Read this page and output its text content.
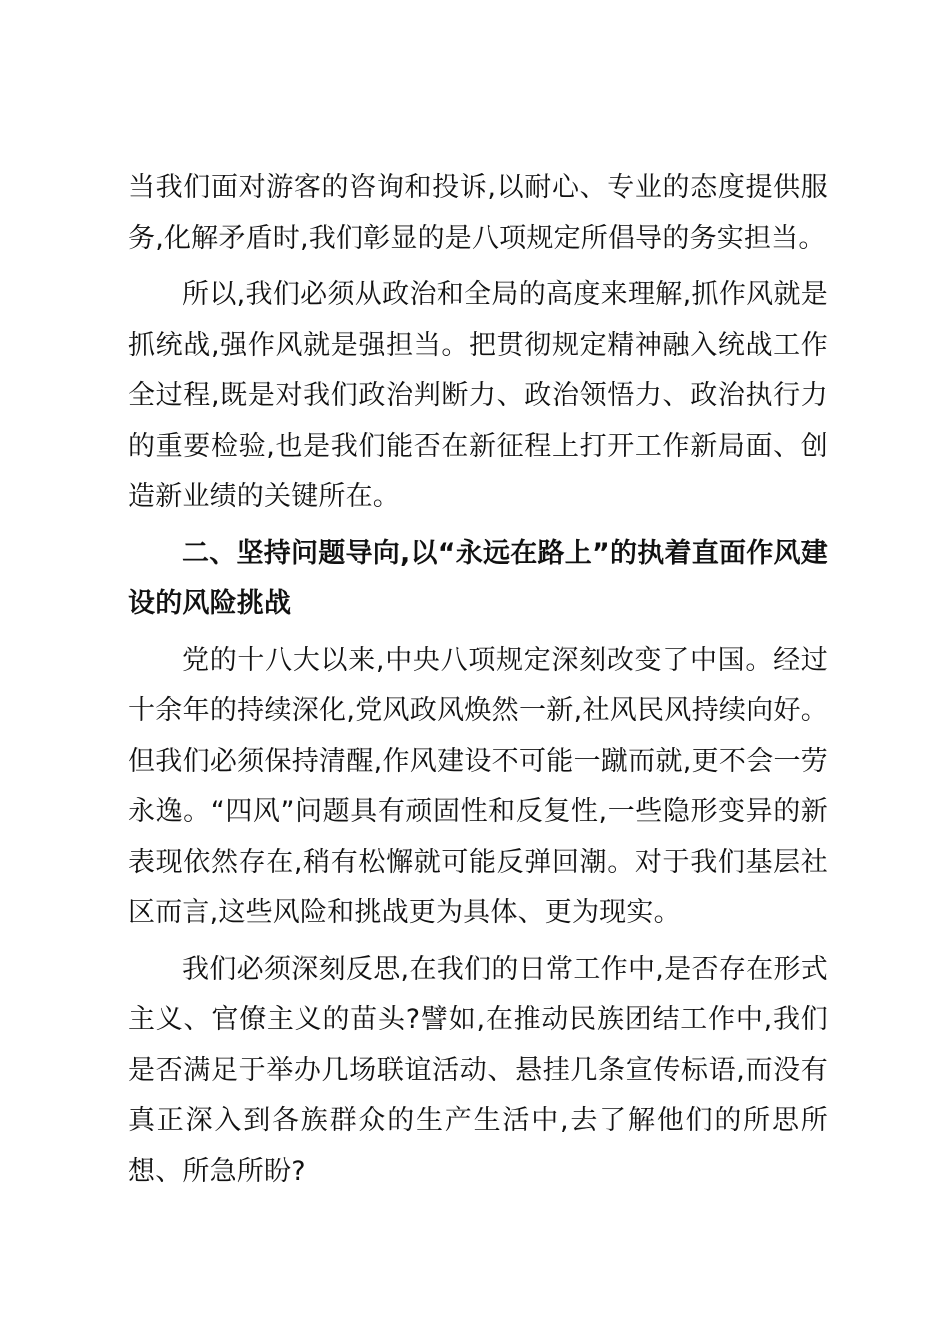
当我们面对游客的咨询和投诉,以耐心、专业的态度提供服务,化解矛盾时,我们彰显的是八项规定所倡导的务实担当。

所以,我们必须从政治和全局的高度来理解,抓作风就是抓统战,强作风就是强担当。把贯彻规定精神融入统战工作全过程,既是对我们政治判断力、政治领悟力、政治执行力的重要检验,也是我们能否在新征程上打开工作新局面、创造新业绩的关键所在。

二、坚持问题导向,以“永远在路上”的执着直面作风建设的风险挑战

党的十八大以来,中央八项规定深刻改变了中国。经过十余年的持续深化,党风政风焕然一新,社风民风持续向好。但我们必须保持清醒,作风建设不可能一蹴而就,更不会一劳永逸。“四风”问题具有顽固性和反复性,一些隐形变异的新表现依然存在,稍有松懈就可能反弹回潮。对于我们基层社区而言,这些风险和挑战更为具体、更为现实。

我们必须深刻反思,在我们的日常工作中,是否存在形式主义、官僚主义的苗头?譬如,在推动民族团结工作中,我们是否满足于举办几场联谊活动、悬挂几条宣传标语,而没有真正深入到各族群众的生产生活中,去了解他们的所思所想、所急所盼?
